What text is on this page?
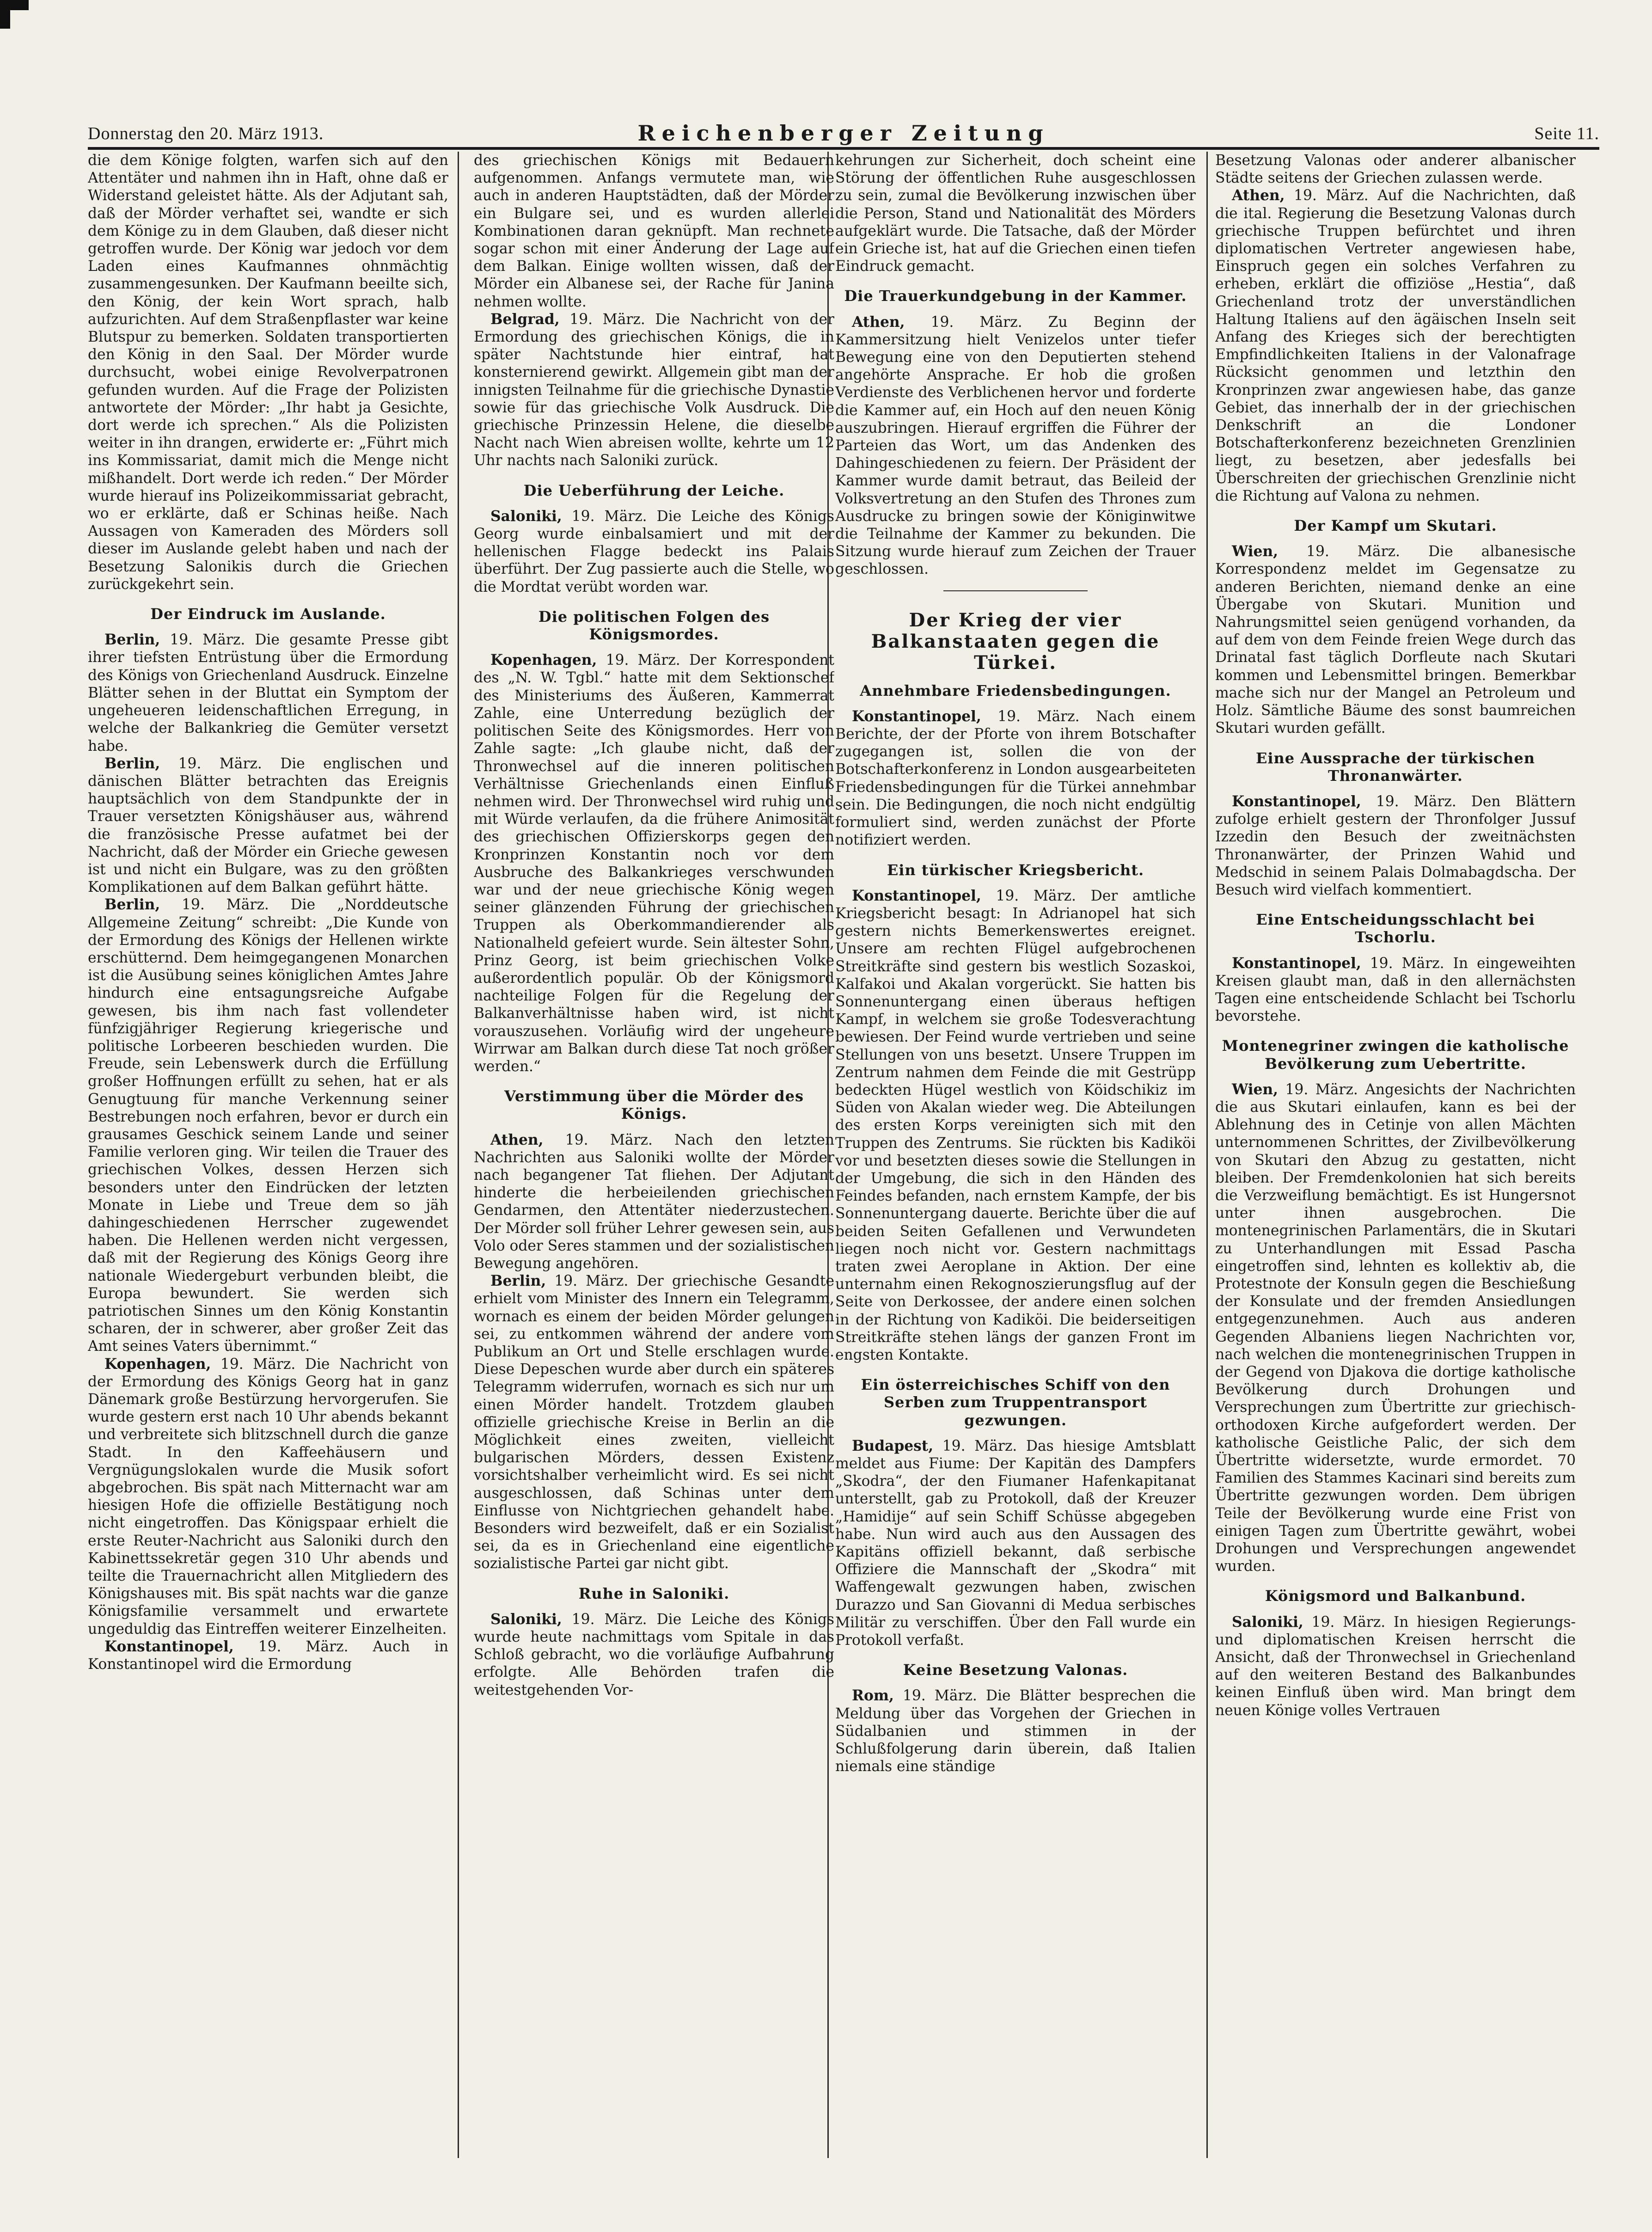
Donnerstag den 20. März 1913.	Reichenberger Zeitung	Seite 11.

die dem Könige folgten, warfen sich auf den Attentäter und nahmen ihn in Haft, ohne daß er Widerstand geleistet hätte. Als der Adjutant sah, daß der Mörder verhaftet sei, wandte er sich dem Könige zu in dem Glauben, daß dieser nicht getroffen wurde. Der König war jedoch vor dem Laden eines Kaufmannes ohnmächtig zusammengesunken. Der Kaufmann beeilte sich, den König, der kein Wort sprach, halb aufzurichten. Auf dem Straßenpflaster war keine Blutspur zu bemerken. Soldaten transportierten den König in den Saal. Der Mörder wurde durchsucht, wobei einige Revolverpatronen gefunden wurden. Auf die Frage der Polizisten antwortete der Mörder: „Ihr habt ja Gesichte, dort werde ich sprechen.“ Als die Polizisten weiter in ihn drangen, erwiderte er: „Führt mich ins Kommissariat, damit mich die Menge nicht mißhandelt. Dort werde ich reden.“ Der Mörder wurde hierauf ins Polizeikommissariat gebracht, wo er erklärte, daß er Schinas heiße. Nach Aussagen von Kameraden des Mörders soll dieser im Auslande gelebt haben und nach der Besetzung Salonikis durch die Griechen zurückgekehrt sein.

Der Eindruck im Auslande.

Berlin, 19. März. Die gesamte Presse gibt ihrer tiefsten Entrüstung über die Ermordung des Königs von Griechenland Ausdruck. Einzelne Blätter sehen in der Bluttat ein Symptom der ungeheueren leidenschaftlichen Erregung, in welche der Balkankrieg die Gemüter versetzt habe.

Berlin, 19. März. Die englischen und dänischen Blätter betrachten das Ereignis hauptsächlich von dem Standpunkte der in Trauer versetzten Königshäuser aus, während die französische Presse aufatmet bei der Nachricht, daß der Mörder ein Grieche gewesen ist und nicht ein Bulgare, was zu den größten Komplikationen auf dem Balkan geführt hätte.

Berlin, 19. März. Die „Norddeutsche Allgemeine Zeitung“ schreibt: „Die Kunde von der Ermordung des Königs der Hellenen wirkte erschütternd. Dem heimgegangenen Monarchen ist die Ausübung seines königlichen Amtes Jahre hindurch eine entsagungsreiche Aufgabe gewesen, bis ihm nach fast vollendeter fünfzigjähriger Regierung kriegerische und politische Lorbeeren beschieden wurden. Die Freude, sein Lebenswerk durch die Erfüllung großer Hoffnungen erfüllt zu sehen, hat er als Genugtuung für manche Verkennung seiner Bestrebungen noch erfahren, bevor er durch ein grausames Geschick seinem Lande und seiner Familie verloren ging. Wir teilen die Trauer des griechischen Volkes, dessen Herzen sich besonders unter den Eindrücken der letzten Monate in Liebe und Treue dem so jäh dahingeschiedenen Herrscher zugewendet haben. Die Hellenen werden nicht vergessen, daß mit der Regierung des Königs Georg ihre nationale Wiedergeburt verbunden bleibt, die Europa bewundert. Sie werden sich patriotischen Sinnes um den König Konstantin scharen, der in schwerer, aber großer Zeit das Amt seines Vaters übernimmt.“

Kopenhagen, 19. März. Die Nachricht von der Ermordung des Königs Georg hat in ganz Dänemark große Bestürzung hervorgerufen. Sie wurde gestern erst nach 10 Uhr abends bekannt und verbreitete sich blitzschnell durch die ganze Stadt. In den Kaffeehäusern und Vergnügungslokalen wurde die Musik sofort abgebrochen. Bis spät nach Mitternacht war am hiesigen Hofe die offizielle Bestätigung noch nicht eingetroffen. Das Königspaar erhielt die erste Reuter-Nachricht aus Saloniki durch den Kabinettssekretär gegen 310 Uhr abends und teilte die Trauernachricht allen Mitgliedern des Königshauses mit. Bis spät nachts war die ganze Königsfamilie versammelt und erwartete ungeduldig das Eintreffen weiterer Einzelheiten.

Konstantinopel, 19. März. Auch in Konstantinopel wird die Ermordung

des griechischen Königs mit Bedauern aufgenommen. Anfangs vermutete man, wie auch in anderen Hauptstädten, daß der Mörder ein Bulgare sei, und es wurden allerlei Kombinationen daran geknüpft. Man rechnete sogar schon mit einer Änderung der Lage auf dem Balkan. Einige wollten wissen, daß der Mörder ein Albanese sei, der Rache für Janina nehmen wollte.

Belgrad, 19. März. Die Nachricht von der Ermordung des griechischen Königs, die in später Nachtstunde hier eintraf, hat konsternierend gewirkt. Allgemein gibt man der innigsten Teilnahme für die griechische Dynastie sowie für das griechische Volk Ausdruck. Die griechische Prinzessin Helene, die dieselbe Nacht nach Wien abreisen wollte, kehrte um 12 Uhr nachts nach Saloniki zurück.

Die Ueberführung der Leiche.

Saloniki, 19. März. Die Leiche des Königs Georg wurde einbalsamiert und mit der hellenischen Flagge bedeckt ins Palais überführt. Der Zug passierte auch die Stelle, wo die Mordtat verübt worden war.

Die politischen Folgen des Königsmordes.

Kopenhagen, 19. März. Der Korrespondent des „N. W. Tgbl.“ hatte mit dem Sektionschef des Ministeriums des Äußeren, Kammerrat Zahle, eine Unterredung bezüglich der politischen Seite des Königsmordes. Herr von Zahle sagte: „Ich glaube nicht, daß der Thronwechsel auf die inneren politischen Verhältnisse Griechenlands einen Einfluß nehmen wird. Der Thronwechsel wird ruhig und mit Würde verlaufen, da die frühere Animosität des griechischen Offizierskorps gegen den Kronprinzen Konstantin noch vor dem Ausbruche des Balkankrieges verschwunden war und der neue griechische König wegen seiner glänzenden Führung der griechischen Truppen als Oberkommandierender als Nationalheld gefeiert wurde. Sein ältester Sohn, Prinz Georg, ist beim griechischen Volke außerordentlich populär. Ob der Königsmord nachteilige Folgen für die Regelung der Balkanverhältnisse haben wird, ist nicht vorauszusehen. Vorläufig wird der ungeheure Wirrwar am Balkan durch diese Tat noch größer werden.“

Verstimmung über die Mörder des Königs.

Athen, 19. März. Nach den letzten Nachrichten aus Saloniki wollte der Mörder nach begangener Tat fliehen. Der Adjutant hinderte die herbeieilenden griechischen Gendarmen, den Attentäter niederzustechen. Der Mörder soll früher Lehrer gewesen sein, aus Volo oder Seres stammen und der sozialistischen Bewegung angehören.

Berlin, 19. März. Der griechische Gesandte erhielt vom Minister des Innern ein Telegramm, wornach es einem der beiden Mörder gelungen sei, zu entkommen während der andere vom Publikum an Ort und Stelle erschlagen wurde. Diese Depeschen wurde aber durch ein späteres Telegramm widerrufen, wornach es sich nur um einen Mörder handelt. Trotzdem glauben offizielle griechische Kreise in Berlin an die Möglichkeit eines zweiten, vielleicht bulgarischen Mörders, dessen Existenz vorsichtshalber verheimlicht wird. Es sei nicht ausgeschlossen, daß Schinas unter dem Einflusse von Nichtgriechen gehandelt habe. Besonders wird bezweifelt, daß er ein Sozialist sei, da es in Griechenland eine eigentliche sozialistische Partei gar nicht gibt.

Ruhe in Saloniki.

Saloniki, 19. März. Die Leiche des Königs wurde heute nachmittags vom Spitale in das Schloß gebracht, wo die vorläufige Aufbahrung erfolgte. Alle Behörden trafen die weitestgehenden Vor-

kehrungen zur Sicherheit, doch scheint eine Störung der öffentlichen Ruhe ausgeschlossen zu sein, zumal die Bevölkerung inzwischen über die Person, Stand und Nationalität des Mörders aufgeklärt wurde. Die Tatsache, daß der Mörder ein Grieche ist, hat auf die Griechen einen tiefen Eindruck gemacht.

Die Trauerkundgebung in der Kammer.

Athen, 19. März. Zu Beginn der Kammersitzung hielt Venizelos unter tiefer Bewegung eine von den Deputierten stehend angehörte Ansprache. Er hob die großen Verdienste des Verblichenen hervor und forderte die Kammer auf, ein Hoch auf den neuen König auszubringen. Hierauf ergriffen die Führer der Parteien das Wort, um das Andenken des Dahingeschiedenen zu feiern. Der Präsident der Kammer wurde damit betraut, das Beileid der Volksvertretung an den Stufen des Thrones zum Ausdrucke zu bringen sowie der Königinwitwe die Teilnahme der Kammer zu bekunden. Die Sitzung wurde hierauf zum Zeichen der Trauer geschlossen.

Der Krieg der vier Balkanstaaten gegen die Türkei.
Annehmbare Friedensbedingungen.

Konstantinopel, 19. März. Nach einem Berichte, der der Pforte von ihrem Botschafter zugegangen ist, sollen die von der Botschafterkonferenz in London ausgearbeiteten Friedensbedingungen für die Türkei annehmbar sein. Die Bedingungen, die noch nicht endgültig formuliert sind, werden zunächst der Pforte notifiziert werden.

Ein türkischer Kriegsbericht.

Konstantinopel, 19. März. Der amtliche Kriegsbericht besagt: In Adrianopel hat sich gestern nichts Bemerkenswertes ereignet. Unsere am rechten Flügel aufgebrochenen Streitkräfte sind gestern bis westlich Sozaskoi, Kalfakoi und Akalan vorgerückt. Sie hatten bis Sonnenuntergang einen überaus heftigen Kampf, in welchem sie große Todesverachtung bewiesen. Der Feind wurde vertrieben und seine Stellungen von uns besetzt. Unsere Truppen im Zentrum nahmen dem Feinde die mit Gestrüpp bedeckten Hügel westlich von Köidschikiz im Süden von Akalan wieder weg. Die Abteilungen des ersten Korps vereinigten sich mit den Truppen des Zentrums. Sie rückten bis Kadiköi vor und besetzten dieses sowie die Stellungen in der Umgebung, die sich in den Händen des Feindes befanden, nach ernstem Kampfe, der bis Sonnenuntergang dauerte. Berichte über die auf beiden Seiten Gefallenen und Verwundeten liegen noch nicht vor. Gestern nachmittags traten zwei Aeroplane in Aktion. Der eine unternahm einen Rekognoszierungsflug auf der Seite von Derkossee, der andere einen solchen in der Richtung von Kadiköi. Die beiderseitigen Streitkräfte stehen längs der ganzen Front im engsten Kontakte.

Ein österreichisches Schiff von den Serben zum Truppentransport gezwungen.

Budapest, 19. März. Das hiesige Amtsblatt meldet aus Fiume: Der Kapitän des Dampfers „Skodra“, der den Fiumaner Hafenkapitanat unterstellt, gab zu Protokoll, daß der Kreuzer „Hamidije“ auf sein Schiff Schüsse abgegeben habe. Nun wird auch aus den Aussagen des Kapitäns offiziell bekannt, daß serbische Offiziere die Mannschaft der „Skodra“ mit Waffengewalt gezwungen haben, zwischen Durazzo und San Giovanni di Medua serbisches Militär zu verschiffen. Über den Fall wurde ein Protokoll verfaßt.

Keine Besetzung Valonas.

Rom, 19. März. Die Blätter besprechen die Meldung über das Vorgehen der Griechen in Südalbanien und stimmen in der Schlußfolgerung darin überein, daß Italien niemals eine ständige

Besetzung Valonas oder anderer albanischer Städte seitens der Griechen zulassen werde.

Athen, 19. März. Auf die Nachrichten, daß die ital. Regierung die Besetzung Valonas durch griechische Truppen befürchtet und ihren diplomatischen Vertreter angewiesen habe, Einspruch gegen ein solches Verfahren zu erheben, erklärt die offiziöse „Hestia“, daß Griechenland trotz der unverständlichen Haltung Italiens auf den ägäischen Inseln seit Anfang des Krieges sich der berechtigten Empfindlichkeiten Italiens in der Valonafrage Rücksicht genommen und letzthin den Kronprinzen zwar angewiesen habe, das ganze Gebiet, das innerhalb der in der griechischen Denkschrift an die Londoner Botschafterkonferenz bezeichneten Grenzlinien liegt, zu besetzen, aber jedesfalls bei Überschreiten der griechischen Grenzlinie nicht die Richtung auf Valona zu nehmen.

Der Kampf um Skutari.

Wien, 19. März. Die albanesische Korrespondenz meldet im Gegensatze zu anderen Berichten, niemand denke an eine Übergabe von Skutari. Munition und Nahrungsmittel seien genügend vorhanden, da auf dem von dem Feinde freien Wege durch das Drinatal fast täglich Dorfleute nach Skutari kommen und Lebensmittel bringen. Bemerkbar mache sich nur der Mangel an Petroleum und Holz. Sämtliche Bäume des sonst baumreichen Skutari wurden gefällt.

Eine Aussprache der türkischen Thronanwärter.

Konstantinopel, 19. März. Den Blättern zufolge erhielt gestern der Thronfolger Jussuf Izzedin den Besuch der zweitnächsten Thronanwärter, der Prinzen Wahid und Medschid in seinem Palais Dolmabagdscha. Der Besuch wird vielfach kommentiert.

Eine Entscheidungsschlacht bei Tschorlu.

Konstantinopel, 19. März. In eingeweihten Kreisen glaubt man, daß in den allernächsten Tagen eine entscheidende Schlacht bei Tschorlu bevorstehe.

Montenegriner zwingen die katholische Bevölkerung zum Uebertritte.

Wien, 19. März. Angesichts der Nachrichten die aus Skutari einlaufen, kann es bei der Ablehnung des in Cetinje von allen Mächten unternommenen Schrittes, der Zivilbevölkerung von Skutari den Abzug zu gestatten, nicht bleiben. Der Fremdenkolonien hat sich bereits die Verzweiflung bemächtigt. Es ist Hungersnot unter ihnen ausgebrochen. Die montenegrinischen Parlamentärs, die in Skutari zu Unterhandlungen mit Essad Pascha eingetroffen sind, lehnten es kollektiv ab, die Protestnote der Konsuln gegen die Beschießung der Konsulate und der fremden Ansiedlungen entgegenzunehmen. Auch aus anderen Gegenden Albaniens liegen Nachrichten vor, nach welchen die montenegrinischen Truppen in der Gegend von Djakova die dortige katholische Bevölkerung durch Drohungen und Versprechungen zum Übertritte zur griechisch-orthodoxen Kirche aufgefordert werden. Der katholische Geistliche Palic, der sich dem Übertritte widersetzte, wurde ermordet. 70 Familien des Stammes Kacinari sind bereits zum Übertritte gezwungen worden. Dem übrigen Teile der Bevölkerung wurde eine Frist von einigen Tagen zum Übertritte gewährt, wobei Drohungen und Versprechungen angewendet wurden.

Königsmord und Balkanbund.

Saloniki, 19. März. In hiesigen Regierungs- und diplomatischen Kreisen herrscht die Ansicht, daß der Thronwechsel in Griechenland auf den weiteren Bestand des Balkanbundes keinen Einfluß üben wird. Man bringt dem neuen Könige volles Vertrauen
